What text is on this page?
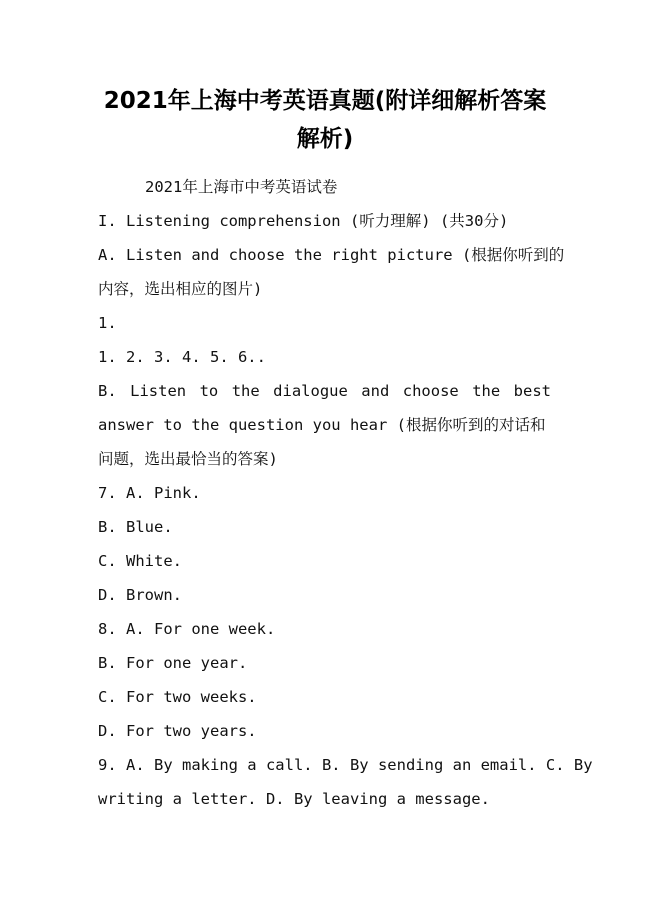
2021年上海中考英语真题(附详细解析答案
解析)
2021年上海市中考英语试卷
I. Listening comprehension (听力理解) (共30分)
A. Listen and choose the right picture (根据你听到的
内容，选出相应的图片)
1.
1. 2. 3. 4. 5. 6..
B. Listen to the dialogue and choose the best
answer to the question you hear (根据你听到的对话和
问题，选出最恰当的答案)
7. A. Pink.
B. Blue.
C. White.
D. Brown.
8. A. For one week.
B. For one year.
C. For two weeks.
D. For two years.
9. A. By making a call. B. By sending an email. C. By
writing a letter. D. By leaving a message.
